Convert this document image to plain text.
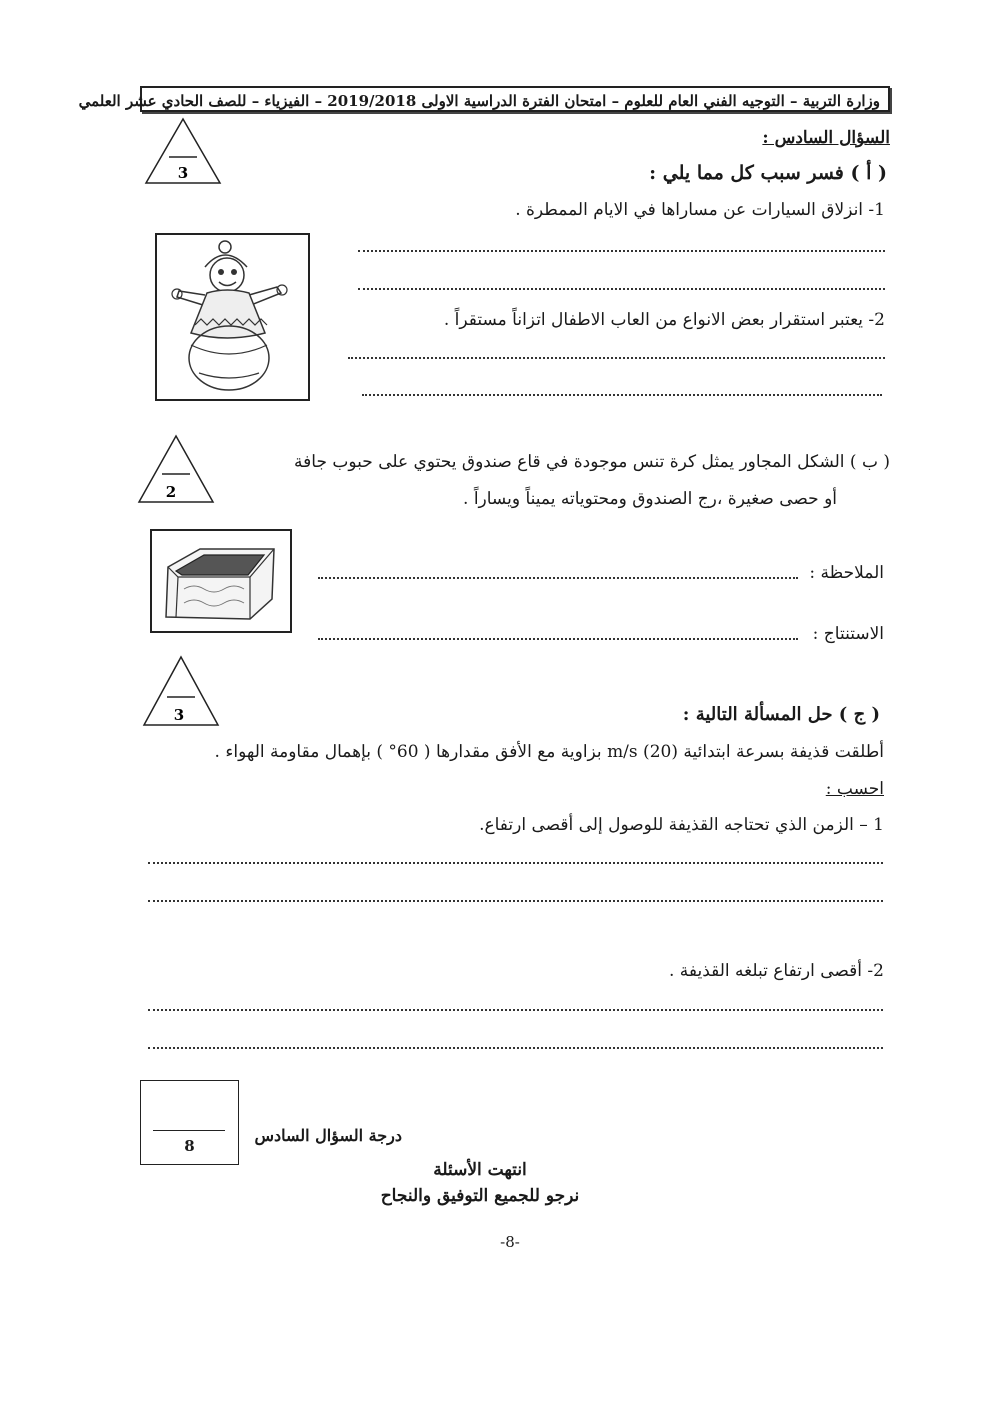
وزارة التربية – التوجيه الفني العام للعلوم – امتحان الفترة الدراسية الاولى 2019/2018 – الفيزياء – للصف الحادي عشر العلمي
السؤال السادس :
3	( أ ) فسر سبب كل مما يلي :
1- انزلاق السيارات عن مساراها في الايام الممطرة .
2- يعتبر استقرار بعض الانواع من العاب الاطفال اتزاناً مستقراً .
2
( ب ) الشكل المجاور يمثل كرة تنس موجودة في قاع صندوق يحتوي على حبوب جافة
أو حصى صغيرة ،رج الصندوق ومحتوياته يميناً ويساراً .
الملاحظة :
الاستنتاج :
3	( ج ) حل المسألة التالية :
أطلقت قذيفة بسرعة ابتدائية (20) m/s بزاوية مع الأفق مقدارها ( 60° ) بإهمال مقاومة الهواء .
احسب :
1 – الزمن الذي تحتاجه القذيفة للوصول إلى أقصى ارتفاع.
2- أقصى ارتفاع تبلغه القذيفة .
8
درجة السؤال السادس
انتهت الأسئلة
نرجو للجميع التوفيق والنجاح
-8-
